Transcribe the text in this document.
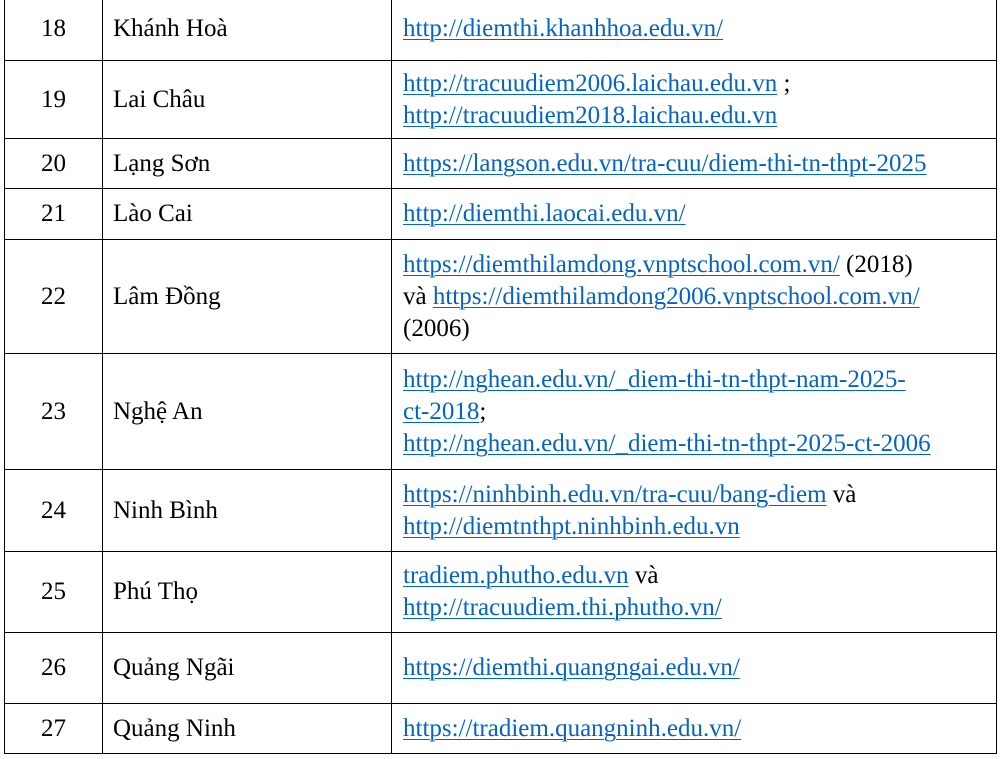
18	Khánh Hoà	http://diemthi.khanhhoa.edu.vn/
19	Lai Châu	http://tracuudiem2006.laichau.edu.vn ;
http://tracuudiem2018.laichau.edu.vn
20	Lạng Sơn	https://langson.edu.vn/tra-cuu/diem-thi-tn-thpt-2025
21	Lào Cai	http://diemthi.laocai.edu.vn/
22	Lâm Đồng	https://diemthilamdong.vnptschool.com.vn/ (2018)
và https://diemthilamdong2006.vnptschool.com.vn/
(2006)
23	Nghệ An	http://nghean.edu.vn/_diem-thi-tn-thpt-nam-2025-
ct-2018;
http://nghean.edu.vn/_diem-thi-tn-thpt-2025-ct-2006
24	Ninh Bình	https://ninhbinh.edu.vn/tra-cuu/bang-diem và
http://diemtnthpt.ninhbinh.edu.vn
25	Phú Thọ	tradiem.phutho.edu.vn và
http://tracuudiem.thi.phutho.vn/
26	Quảng Ngãi	https://diemthi.quangngai.edu.vn/
27	Quảng Ninh	https://tradiem.quangninh.edu.vn/
